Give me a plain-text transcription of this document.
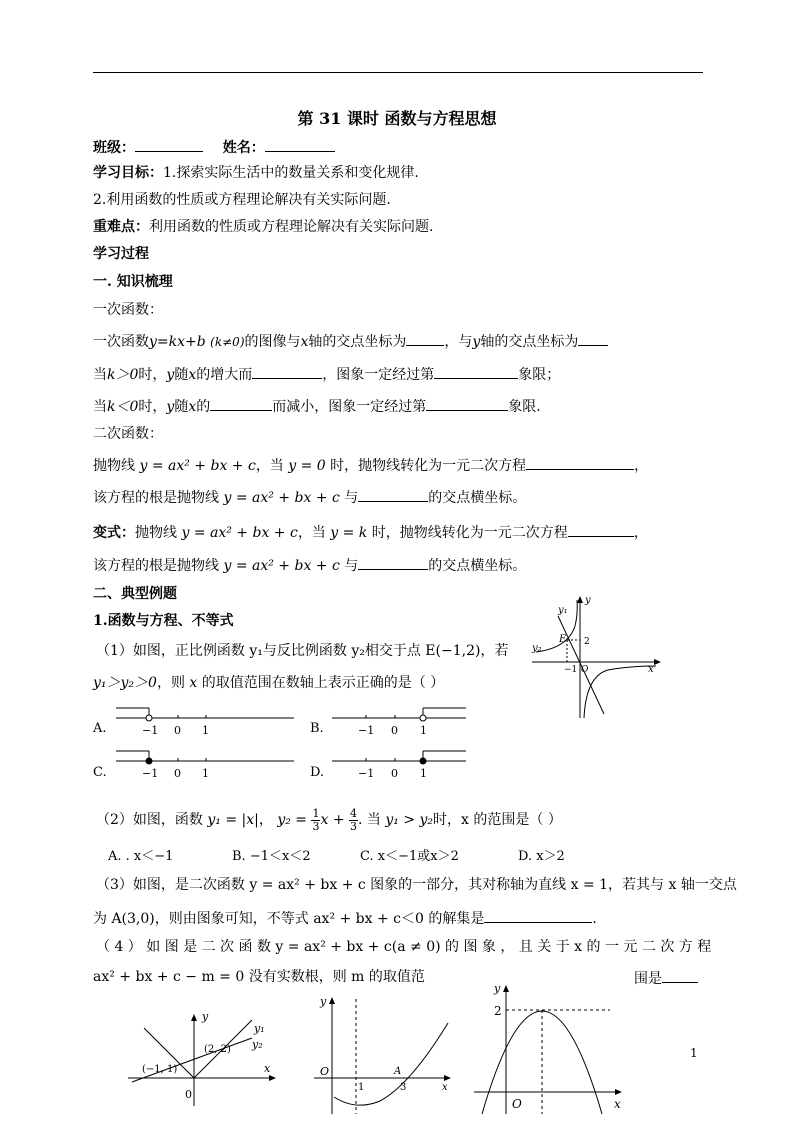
第 31 课时 函数与方程思想
班级：	姓名：
学习目标：1.探索实际生活中的数量关系和变化规律.
2.利用函数的性质或方程理论解决有关实际问题.
重难点：利用函数的性质或方程理论解决有关实际问题.
学习过程
一. 知识梳理
一次函数：
一次函数y=kx+b (k≠0)的图像与x轴的交点坐标为	，与y轴的交点坐标为
当k＞0时，y随x的增大而	，图象一定经过第	象限；
当k＜0时，y随x的	而减小，图象一定经过第	象限.
二次函数：
抛物线 y = ax² + bx + c，当 y = 0 时，抛物线转化为一元二次方程	，
该方程的根是抛物线 y = ax² + bx + c 与	的交点横坐标。
变式：抛物线 y = ax² + bx + c，当 y = k 时，抛物线转化为一元二次方程	，
该方程的根是抛物线 y = ax² + bx + c 与	的交点横坐标。
二、典型例题
1.函数与方程、不等式
（1）如图，正比例函数 y₁与反比例函数 y₂相交于点 E(−1,2)，若
y₁＞y₂＞0，则 x 的取值范围在数轴上表示正确的是（ ）
y
y₁
y₂
E 2
−1 O	x
A.	−1 0 1	B.	−1 0 1
C.	−1 0 1	D.	−1 0 1
（2）如图，函数 y₁ = |x|， $y_2 = \frac{1}{3}$ $x + \frac{4}{3}$ . 当 y₁ > y₂时，x 的范围是（ ）
A. . x＜−1	B. −1＜x＜2	C. x＜−1或x＞2	D. x＞2
（3）如图，是二次函数 y = ax² + bx + c 图象的一部分，其对称轴为直线 x = 1，若其与 x 轴一交点
为 A(3,0)，则由图象可知，不等式 ax² + bx + c＜0 的解集是	.
（ 4 ） 如 图 是 二 次 函 数 y = ax² + bx + c(a ≠ 0) 的 图 象 ， 且 关 于 x 的 一 元 二 次 方 程
ax² + bx + c − m = 0 没有实数根，则 m 的取值范	围是
y
y₁
y₂
(2, 2)
(−1, 1)
0
x
y
O
1
A
3	x
y
2
O	x
1
